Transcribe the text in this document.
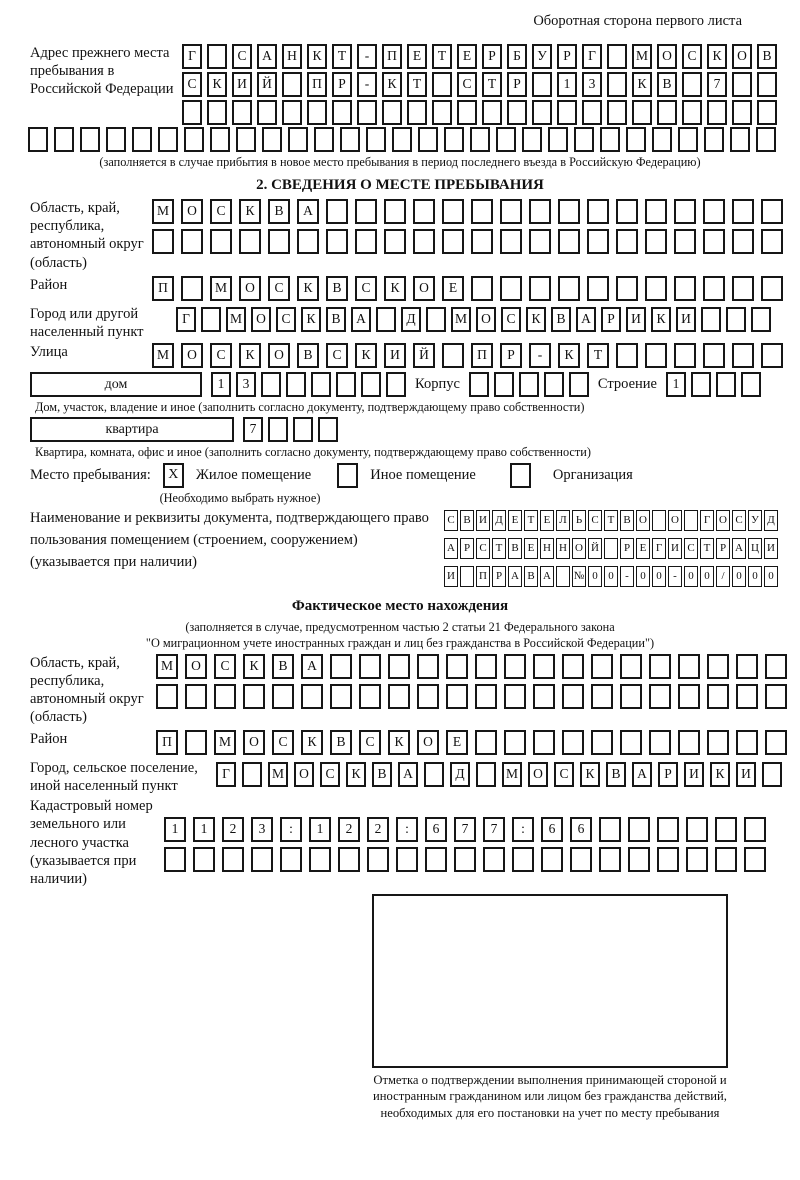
Оборотная сторона первого листа
Адрес прежнего места пребывания в Российской Федерации
Г	С	А	Н	К	Т	-	П	Е	Т	Е	Р	Б	У	Р	Г	М	О	С	К	О	В
С	К	И	Й	П	Р	-	К	Т	С	Т	Р	1	3	К	В	7
(заполняется в случае прибытия в новое место пребывания в период последнего въезда в Российскую Федерацию)
2. СВЕДЕНИЯ О МЕСТЕ ПРЕБЫВАНИЯ
Область, край, республика, автономный округ (область)
М	О	С	К	В	А
Район	П	М	О	С	К	В	С	К	О	Е
Город или другой населенный пункт
Г	М	О	С	К	В	А	Д	М	О	С	К	В	А	Р	И	К	И
Улица	М	О	С	К	О	В	С	К	И	Й	П	Р	-	К	Т
дом	1	3	Корпус	Строение	1
Дом, участок, владение и иное (заполнить согласно документу, подтверждающему право собственности)
квартира	7
Квартира, комната, офис и иное (заполнить согласно документу, подтверждающему право собственности)
Место пребывания:	X	Жилое помещение	Иное помещение	Организация
(Необходимо выбрать нужное)
Наименование и реквизиты документа, подтверждающего право пользования помещением (строением, сооружением) (указывается при наличии)
С В И Д Е Т Е Л Ь С Т В О О	Г О С У Д
А Р С Т В Е Н Н О Й	Р Е Г И С Т Р А Ц И
И П Р А В А № 0 0	-	0 0	-	0 0	/	0 0 0
Фактическое место нахождения
(заполняется в случае, предусмотренном частью 2 статьи 21 Федерального закона
"О миграционном учете иностранных граждан и лиц без гражданства в Российской Федерации")
Область, край, республика, автономный округ (область)
М	О	С	К	В	А
Район	П	М	О	С	К	В	С	К	О	Е
Город, сельское поселение, иной населенный пункт
Г	М	О	С	К	В	А	Д	М	О	С	К	В	А	Р	И	К	И
Кадастровый номер земельного или лесного участка (указывается при наличии)
1	1	2	3	:	1	2	2	:	6	7	7	:	6	6
Отметка о подтверждении выполнения принимающей стороной и иностранным гражданином или лицом без гражданства действий, необходимых для его постановки на учет по месту пребывания
